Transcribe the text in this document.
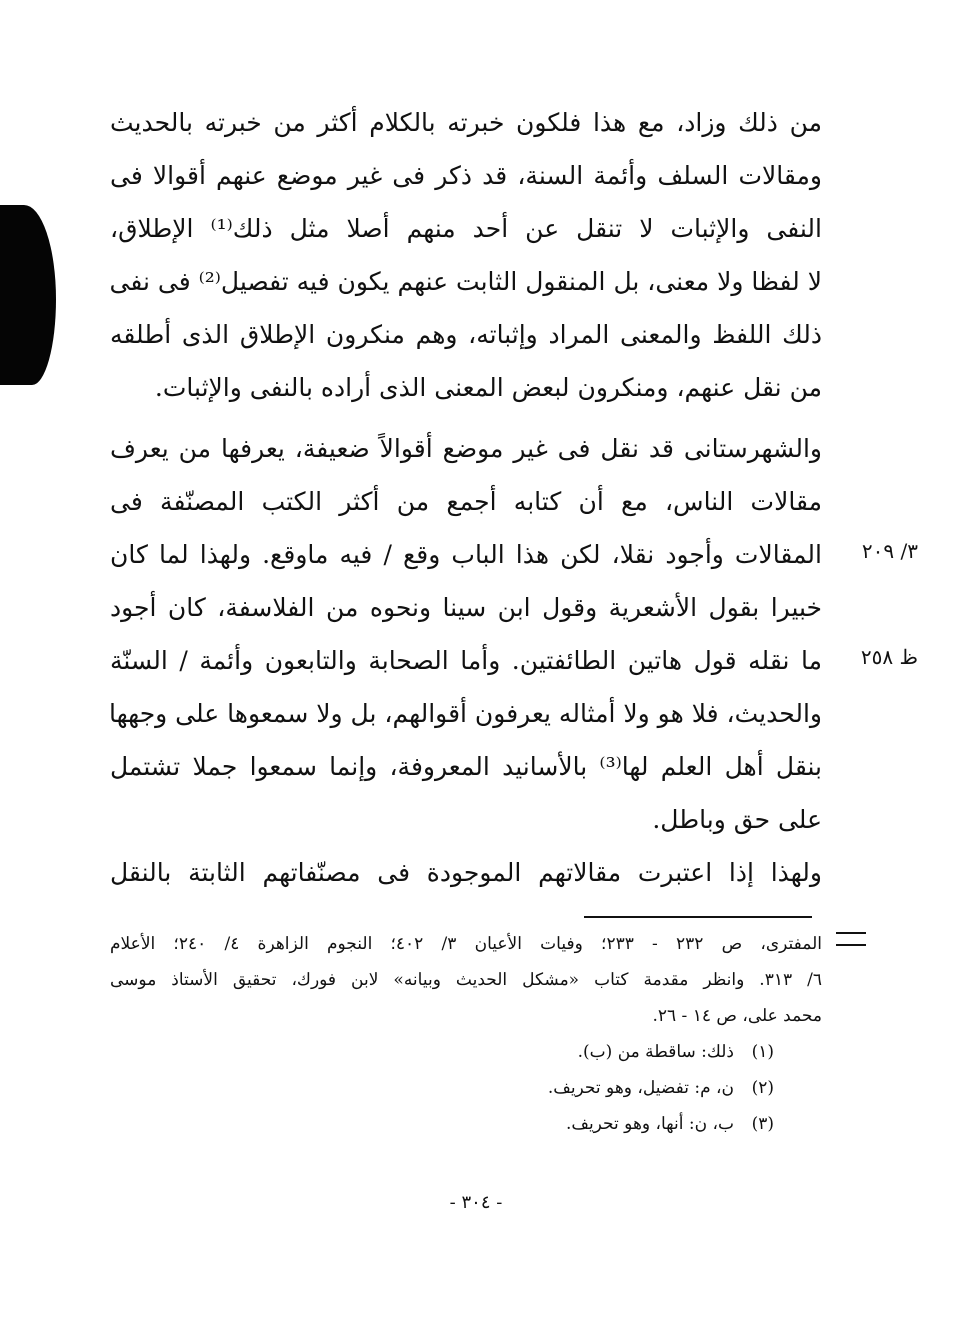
من ذلك وزاد، مع هذا فلكون خبرته بالكلام أكثر من خبرته بالحديث
ومقالات السلف وأئمة السنة، قد ذكر فى غير موضع عنهم أقوالا فى
النفى والإثبات لا تنقل عن أحد منهم أصلا مثل ذلك⁽¹⁾ الإطلاق،
لا لفظا ولا معنى، بل المنقول الثابت عنهم يكون فيه تفصيل⁽²⁾ فى نفى
ذلك اللفظ والمعنى المراد وإثباته، وهم منكرون الإطلاق الذى أطلقه
من نقل عنهم، ومنكرون لبعض المعنى الذى أراده بالنفى والإثبات.
والشهرستانى قد نقل فى غير موضع أقوالاً ضعيفة، يعرفها من يعرف
مقالات الناس، مع أن كتابه أجمع من أكثر الكتب المصنّفة فى
المقالات وأجود نقلا، لكن هذا الباب وقع / فيه ماوقع. ولهذا لما كان
خبيرا بقول الأشعرية وقول ابن سينا ونحوه من الفلاسفة، كان أجود
ما نقله قول هاتين الطائفتين. وأما الصحابة والتابعون وأئمة / السنّة
والحديث، فلا هو ولا أمثاله يعرفون أقوالهم، بل ولا سمعوها على وجهها
بنقل أهل العلم لها⁽³⁾ بالأسانيد المعروفة، وإنما سمعوا جملا تشتمل
على حق وباطل.
ولهذا إذا اعتبرت مقالاتهم الموجودة فى مصنّفاتهم الثابتة بالنقل
٣/ ٢٠٩
ظ ٢٥٨
المفترى، ص ٢٣٢ - ٢٣٣؛ وفيات الأعيان ٣/ ٤٠٢؛ النجوم الزاهرة ٤/ ٢٤٠؛ الأعلام
٦/ ٣١٣. وانظر مقدمة كتاب «مشكل الحديث وبيانه» لابن فورك، تحقيق الأستاذ موسى
محمد على، ص ١٤ - ٢٦.
(١)ذلك: ساقطة من (ب).
(٢)ن، م: تفضيل، وهو تحريف.
(٣)ب، ن: أنها، وهو تحريف.
- ٣٠٤ -
